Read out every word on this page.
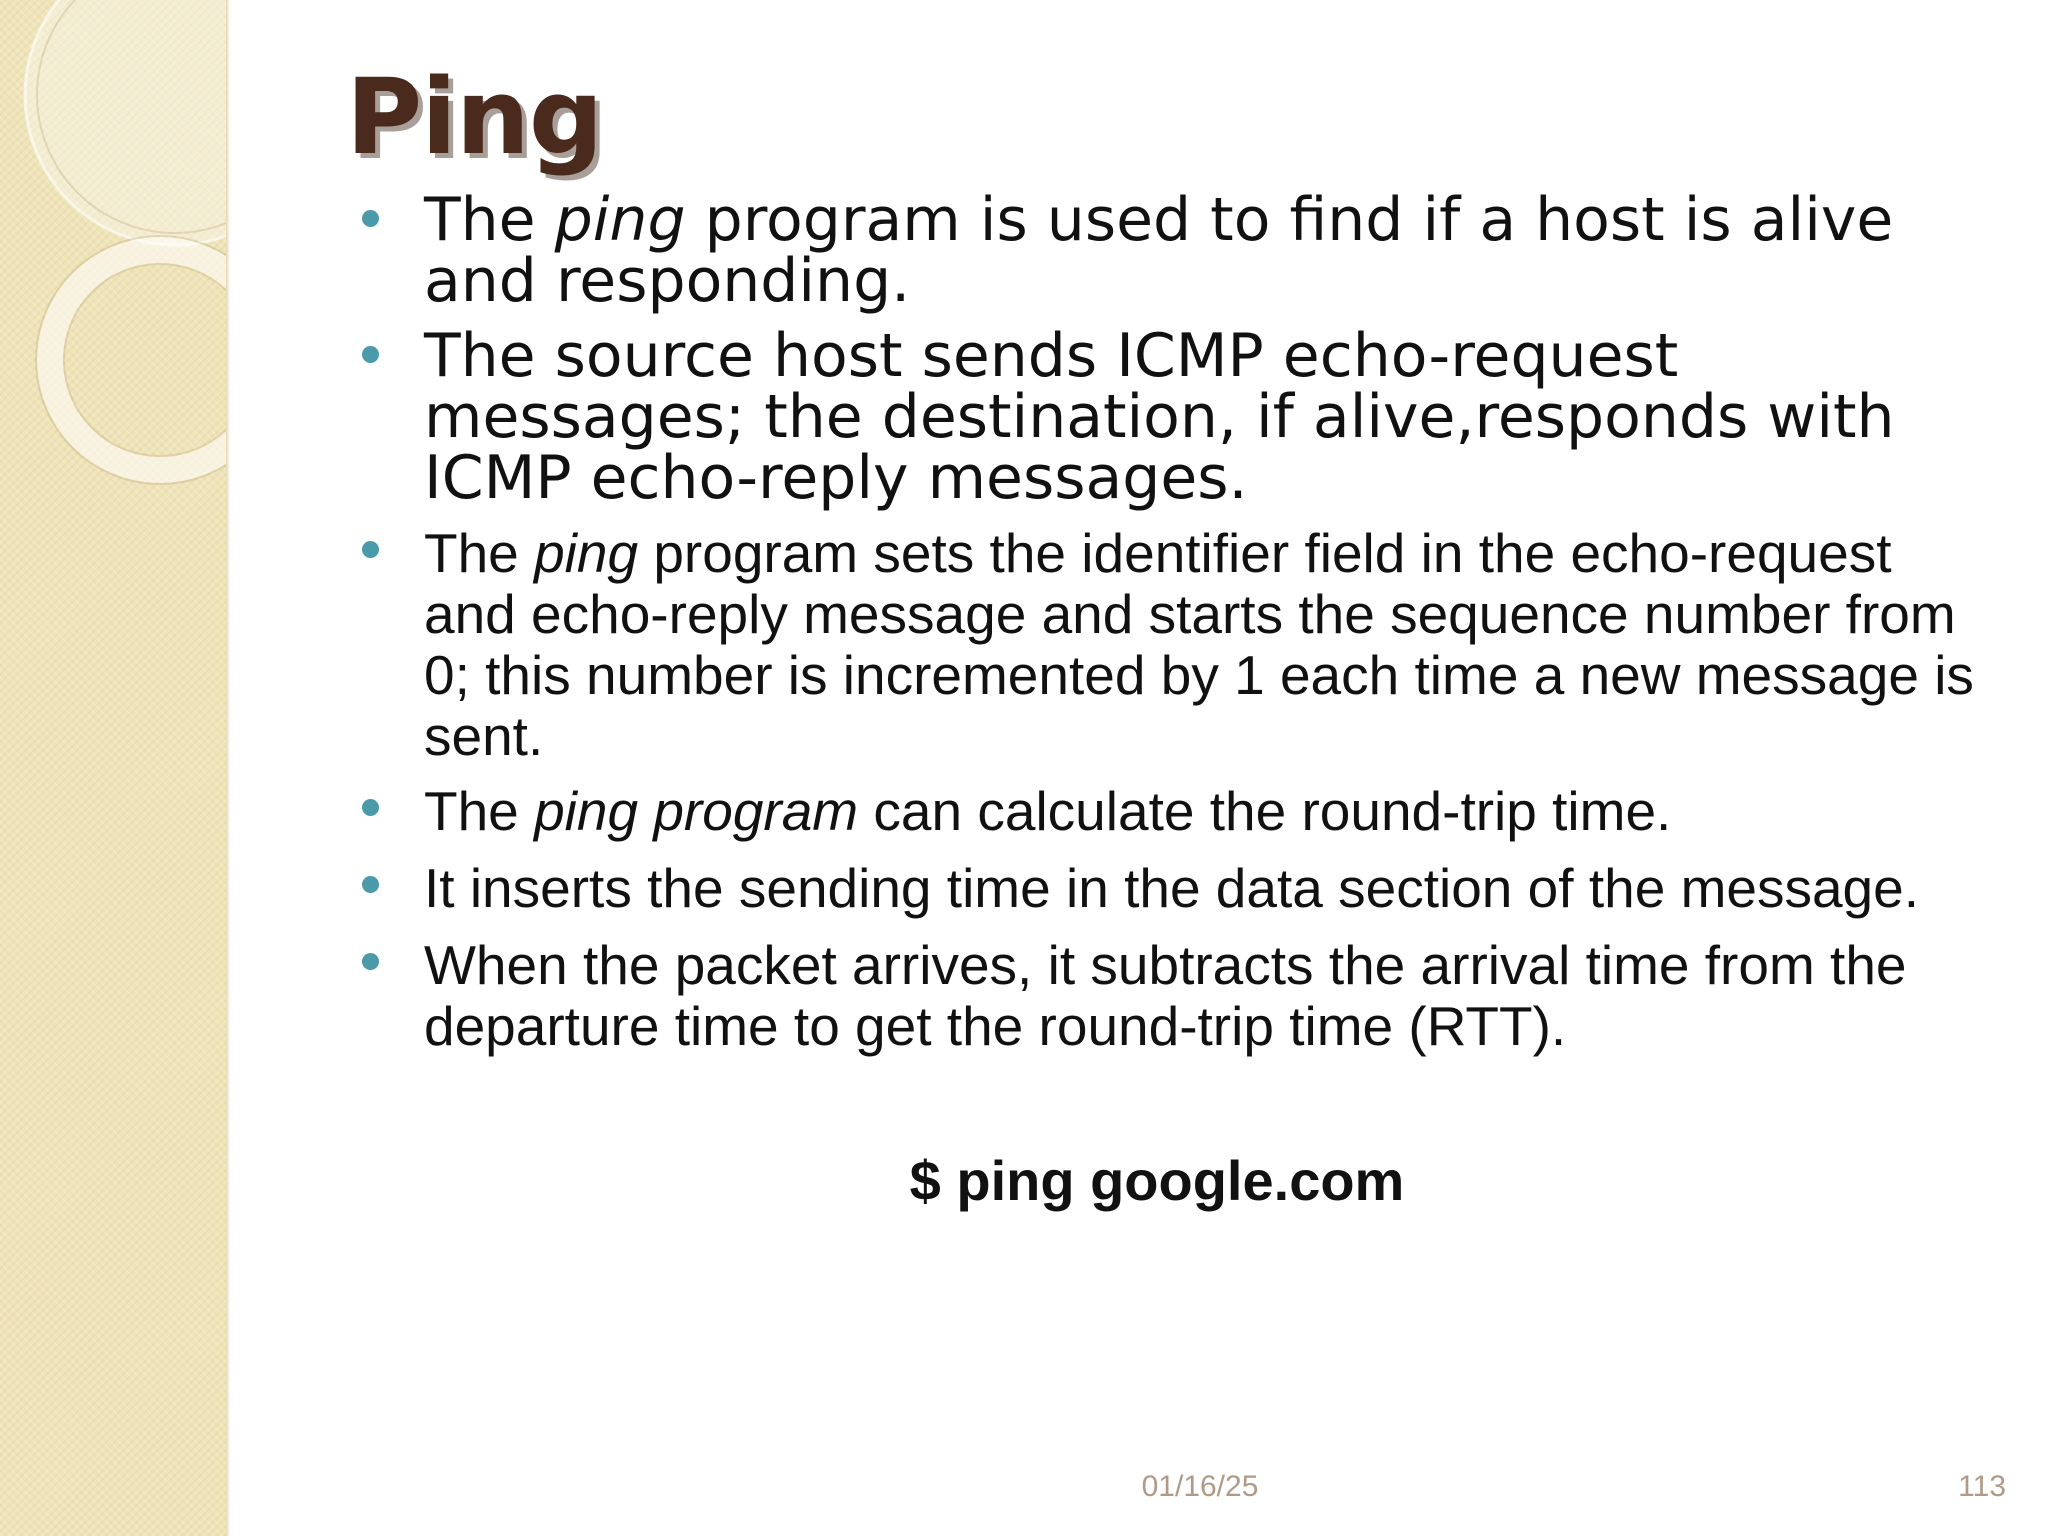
Ping
The ping program is used to find if a host is alive and responding.
The source host sends ICMP echo-request messages; the destination, if alive,responds with ICMP echo-reply messages.
The ping program sets the identifier field in the echo-request and echo-reply message and starts the sequence number from 0; this number is incremented by 1 each time a new message is sent.
The ping program can calculate the round-trip time.
It inserts the sending time in the data section of the message.
When the packet arrives, it subtracts the arrival time from the departure time to get the round-trip time (RTT).

$ ping google.com

01/16/25	113
